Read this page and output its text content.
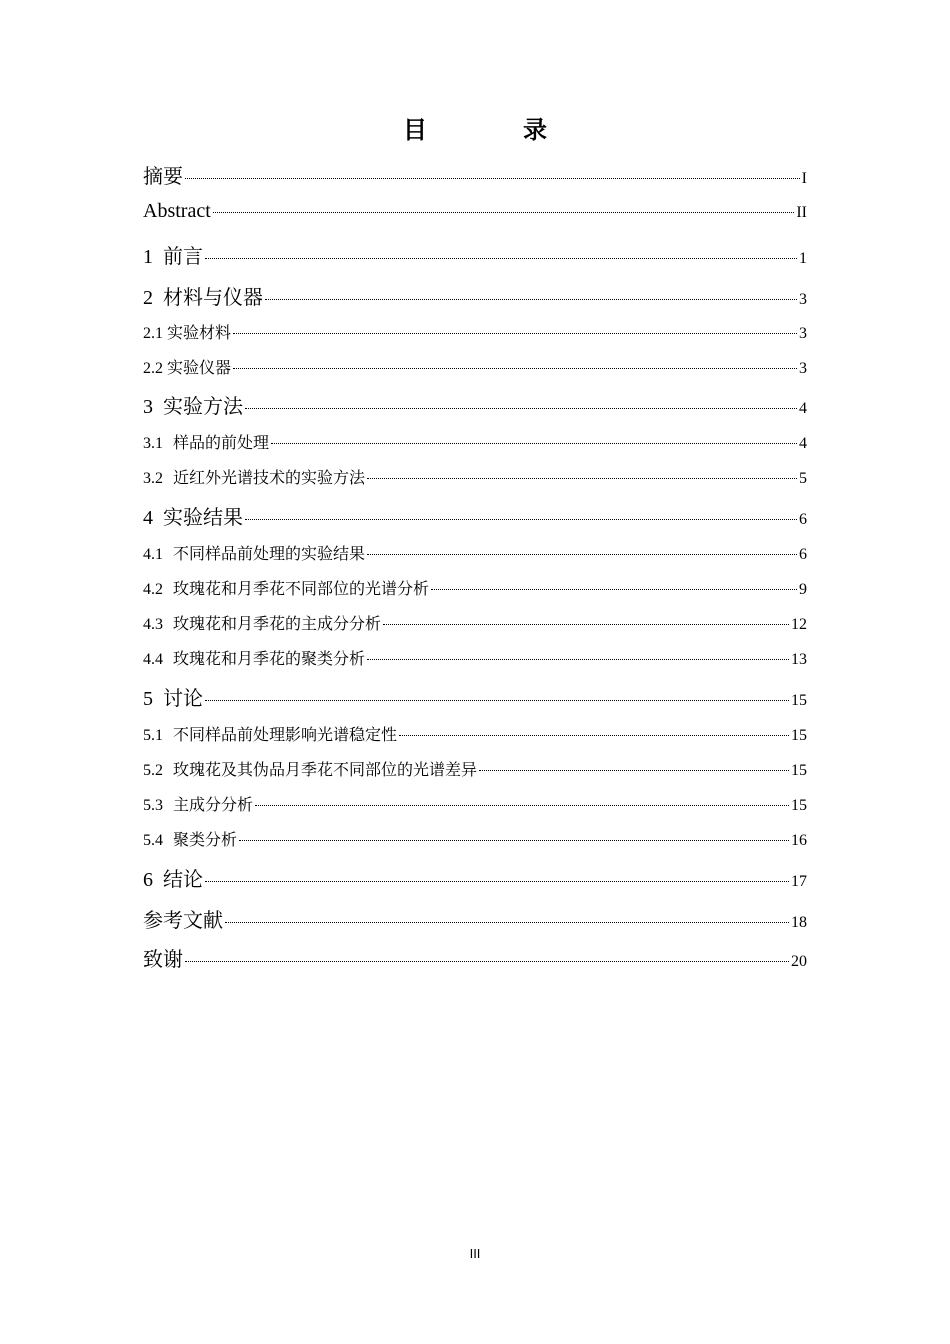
目　录
摘要	I
Abstract	II
1 前言	1
2 材料与仪器	3
2.1 实验材料	3
2.2 实验仪器	3
3 实验方法	4
3.1 样品的前处理	4
3.2 近红外光谱技术的实验方法	5
4 实验结果	6
4.1 不同样品前处理的实验结果	6
4.2 玫瑰花和月季花不同部位的光谱分析	9
4.3 玫瑰花和月季花的主成分分析	12
4.4 玫瑰花和月季花的聚类分析	13
5 讨论	15
5.1 不同样品前处理影响光谱稳定性	15
5.2 玫瑰花及其伪品月季花不同部位的光谱差异	15
5.3 主成分分析	15
5.4 聚类分析	16
6 结论	17
参考文献	18
致谢	20
III
